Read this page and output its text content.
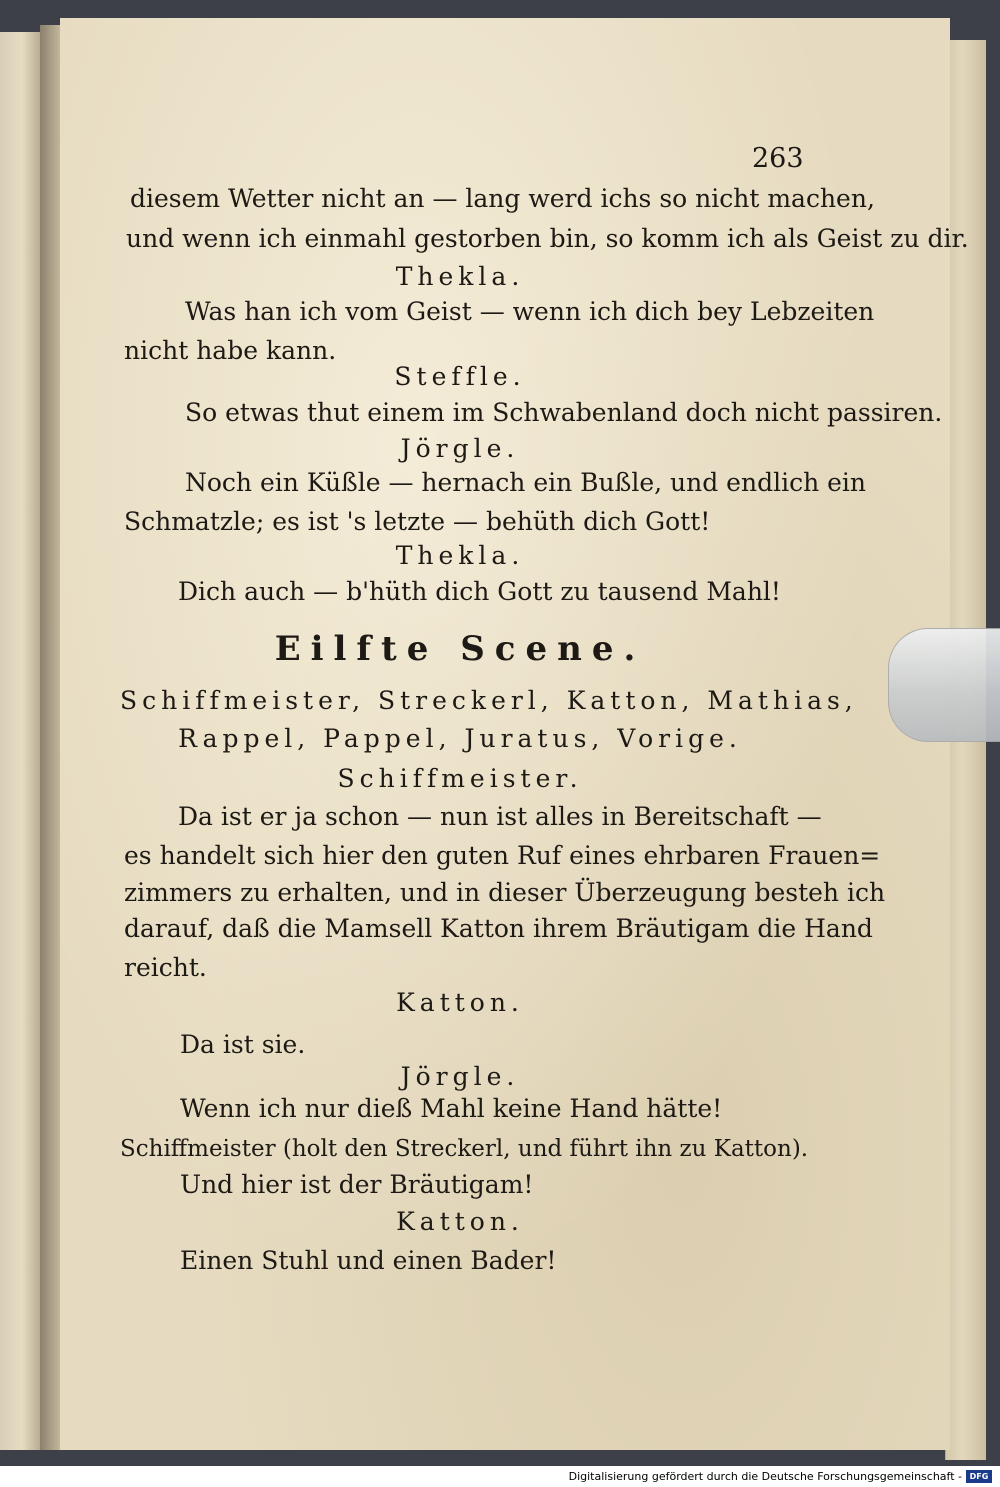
263
diesem Wetter nicht an — lang werd ichs so nicht machen,
und wenn ich einmahl gestorben bin, so komm ich als Geist zu dir.
Thekla.
Was han ich vom Geist — wenn ich dich bey Lebzeiten
nicht habe kann.
Steffle.
So etwas thut einem im Schwabenland doch nicht passiren.
Jörgle.
Noch ein Küßle — hernach ein Bußle, und endlich ein
Schmatzle; es ist 's letzte — behüth dich Gott!
Thekla.
Dich auch — b'hüth dich Gott zu tausend Mahl!
Eilfte Scene.
Schiffmeister, Streckerl, Katton, Mathias,
Rappel, Pappel, Juratus, Vorige.
Schiffmeister.
Da ist er ja schon — nun ist alles in Bereitschaft —
es handelt sich hier den guten Ruf eines ehrbaren Frauen=
zimmers zu erhalten, und in dieser Überzeugung besteh ich
darauf, daß die Mamsell Katton ihrem Bräutigam die Hand
reicht.
Katton.
Da ist sie.
Jörgle.
Wenn ich nur dieß Mahl keine Hand hätte!
Schiffmeister (holt den Streckerl, und führt ihn zu Katton).
Und hier ist der Bräutigam!
Katton.
Einen Stuhl und einen Bader!
Digitalisierung gefördert durch die Deutsche Forschungsgemeinschaft - DFG
